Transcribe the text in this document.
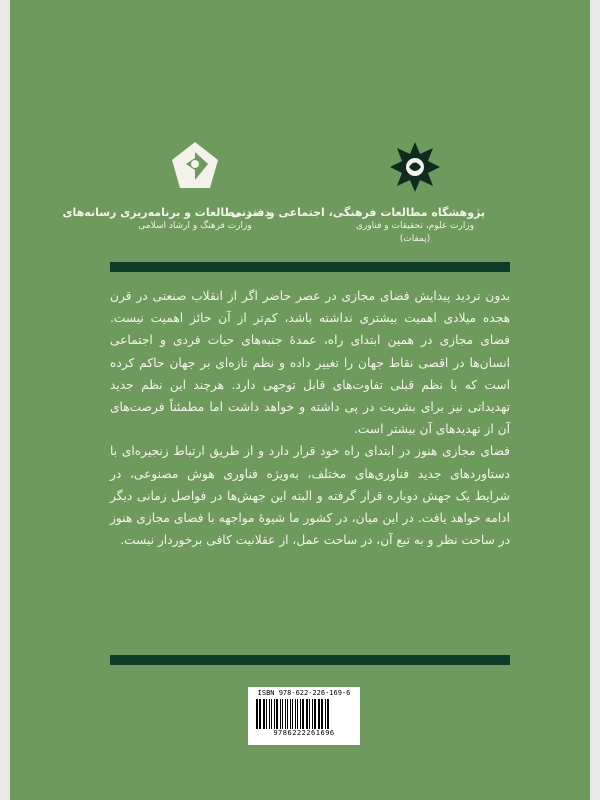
دفتر مطالعات و برنامه‌ریزی رسانه‌های
وزارت فرهنگ و ارشاد اسلامی
پژوهشگاه مطالعات فرهنگی، اجتماعی و تمدنی
وزارت علوم، تحقیقات و فناوری
(پمفات)

بدون تردید پیدایش فضای مجازی در عصر حاضر اگر از انقلاب صنعتی در قرن هجده میلادی اهمیت بیشتری نداشته باشد، کم‌تر از آن حائز اهمیت نیست. فضای مجازی در همین ابتدای راه، عمدهٔ جنبه‌های حیات فردی و اجتماعی انسان‌ها در اقصی نقاط جهان را تغییر داده و نظم تازه‌ای بر جهان حاکم کرده است که با نظم قبلی تفاوت‌های قابل توجهی دارد. هرچند این نظم جدید تهدیداتی نیز برای بشریت در پی داشته و خواهد داشت اما مطمئناً فرصت‌های آن از تهدیدهای آن بیشتر است.

فضای مجازی هنوز در ابتدای راه خود قرار دارد و از طریق ارتباط زنجیره‌ای با دستاوردهای جدید فناوری‌های مختلف، به‌ویژه فناوری هوش مصنوعی، در شرایط یک جهش دوباره قرار گرفته و البته این جهش‌ها در فواصل زمانی دیگر ادامه خواهد یافت. در این میان، در کشور ما شیوهٔ مواجهه با فضای مجازی هنوز در ساحت نظر و به تبع آن، در ساحت عمل، از عقلانیت کافی برخوردار نیست.

ISBN 978-622-226-169-6
9786222261696
